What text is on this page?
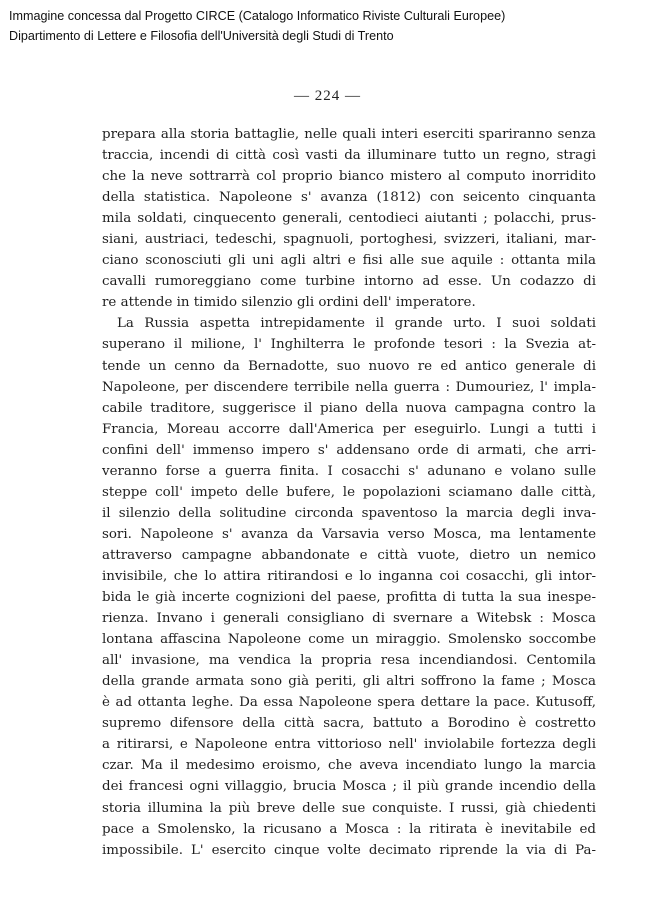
Immagine concessa dal Progetto CIRCE (Catalogo Informatico Riviste Culturali Europee)
Dipartimento di Lettere e Filosofia dell'Università degli Studi di Trento
— 224 —
prepara alla storia battaglie, nelle quali interi eserciti spariranno senza
traccia, incendi di città così vasti da illuminare tutto un regno, stragi
che la neve sottrarrà col proprio bianco mistero al computo inorridito
della statistica. Napoleone s' avanza (1812) con seicento cinquanta
mila soldati, cinquecento generali, centodieci aiutanti ; polacchi, prus-
siani, austriaci, tedeschi, spagnuoli, portoghesi, svizzeri, italiani, mar-
ciano sconosciuti gli uni agli altri e fisi alle sue aquile : ottanta mila
cavalli rumoreggiano come turbine intorno ad esse. Un codazzo di
re attende in timido silenzio gli ordini dell' imperatore.
La Russia aspetta intrepidamente il grande urto. I suoi soldati
superano il milione, l' Inghilterra le profonde tesori : la Svezia at-
tende un cenno da Bernadotte, suo nuovo re ed antico generale di
Napoleone, per discendere terribile nella guerra : Dumouriez, l' impla-
cabile traditore, suggerisce il piano della nuova campagna contro la
Francia, Moreau accorre dall'America per eseguirlo. Lungi a tutti i
confini dell' immenso impero s' addensano orde di armati, che arri-
veranno forse a guerra finita. I cosacchi s' adunano e volano sulle
steppe coll' impeto delle bufere, le popolazioni sciamano dalle città,
il silenzio della solitudine circonda spaventoso la marcia degli inva-
sori. Napoleone s' avanza da Varsavia verso Mosca, ma lentamente
attraverso campagne abbandonate e città vuote, dietro un nemico
invisibile, che lo attira ritirandosi e lo inganna coi cosacchi, gli intor-
bida le già incerte cognizioni del paese, profitta di tutta la sua inespe-
rienza. Invano i generali consigliano di svernare a Witebsk : Mosca
lontana affascina Napoleone come un miraggio. Smolensko soccombe
all' invasione, ma vendica la propria resa incendiandosi. Centomila
della grande armata sono già periti, gli altri soffrono la fame ; Mosca
è ad ottanta leghe. Da essa Napoleone spera dettare la pace. Kutusoff,
supremo difensore della città sacra, battuto a Borodino è costretto
a ritirarsi, e Napoleone entra vittorioso nell' inviolabile fortezza degli
czar. Ma il medesimo eroismo, che aveva incendiato lungo la marcia
dei francesi ogni villaggio, brucia Mosca ; il più grande incendio della
storia illumina la più breve delle sue conquiste. I russi, già chiedenti
pace a Smolensko, la ricusano a Mosca : la ritirata è inevitabile ed
impossibile. L' esercito cinque volte decimato riprende la via di Pa-
